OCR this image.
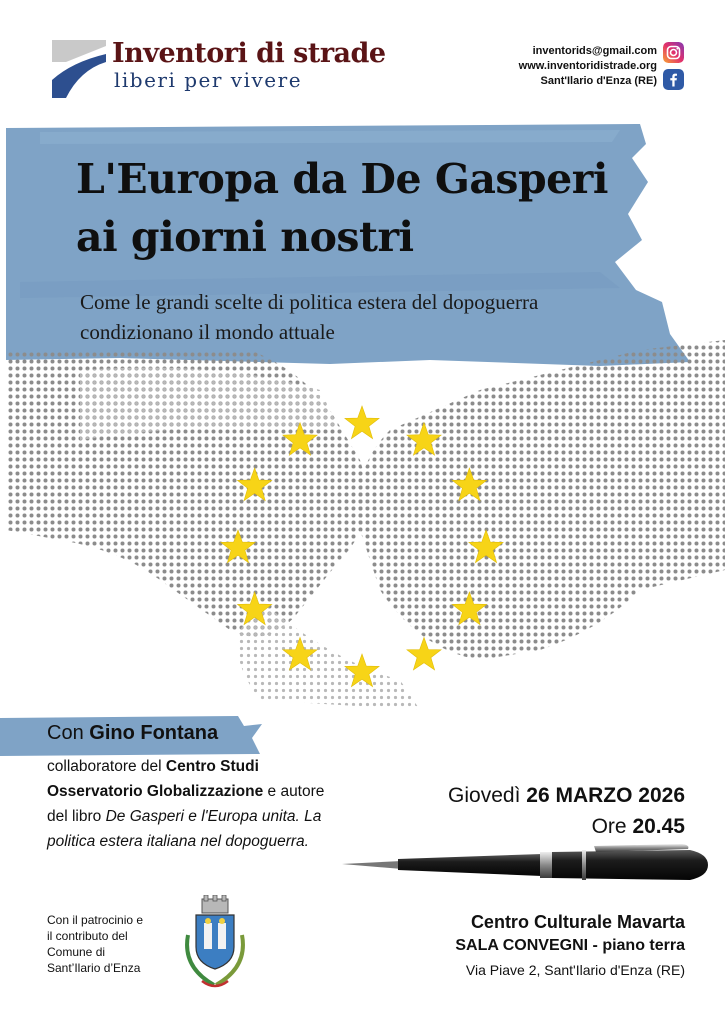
Inventori di strade
liberi per vivere
inventorids@gmail.com
www.inventoridistrade.org
Sant'Ilario d'Enza (RE)
L'Europa da De Gasperi
ai giorni nostri
Come le grandi scelte di politica estera del dopoguerra
condizionano il mondo attuale
Con Gino Fontana
collaboratore del Centro Studi
Osservatorio Globalizzazione e autore
del libro De Gasperi e l'Europa unita. La
politica estera italiana nel dopoguerra.
Giovedì 26 MARZO 2026
Ore 20.45
Con il patrocinio e
il contributo del
Comune di
Sant’Ilario d’Enza
Centro Culturale Mavarta
SALA CONVEGNI - piano terra
Via Piave 2, Sant'Ilario d'Enza (RE)
